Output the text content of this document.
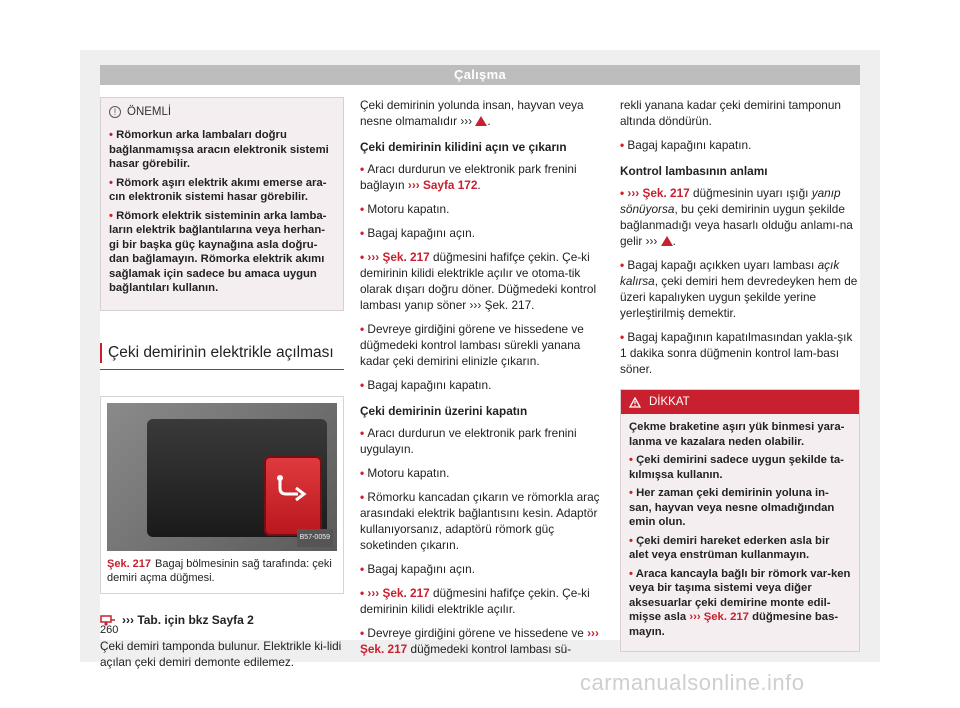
Çalışma
! ÖNEMLİ

• Römorkun arka lambaları doğru bağlanmamışsa aracın elektronik sistemi hasar görebilir.

• Römork aşırı elektrik akımı emerse ara-cın elektronik sistemi hasar görebilir.

• Römork elektrik sisteminin arka lamba-ların elektrik bağlantılarına veya herhan-gi bir başka güç kaynağına asla doğru-dan bağlamayın. Römorka elektrik akımı sağlamak için sadece bu amaca uygun bağlantıları kullanın.

Çeki demirinin elektrikle açılması
B57-0059
Şek. 217 Bagaj bölmesinin sağ tarafında: çeki demiri açma düğmesi.
››› Tab. için bkz Sayfa 2

Çeki demiri tamponda bulunur. Elektrikle ki-lidi açılan çeki demiri demonte edilemez.

Çeki demirinin yolunda insan, hayvan veya nesne olmamalıdır ››› .

Çeki demirinin kilidini açın ve çıkarın

• Aracı durdurun ve elektronik park frenini bağlayın ››› Sayfa 172.

• Motoru kapatın.

• Bagaj kapağını açın.

• ››› Şek. 217 düğmesini hafifçe çekin. Çe-ki demirinin kilidi elektrikle açılır ve otoma-tik olarak dışarı doğru döner. Düğmedeki kontrol lambası yanıp söner ››› Şek. 217.

• Devreye girdiğini görene ve hissedene ve düğmedeki kontrol lambası sürekli yanana kadar çeki demirini elinizle çıkarın.

• Bagaj kapağını kapatın.

Çeki demirinin üzerini kapatın

• Aracı durdurun ve elektronik park frenini uygulayın.

• Motoru kapatın.

• Römorku kancadan çıkarın ve römorkla araç arasındaki elektrik bağlantısını kesin. Adaptör kullanıyorsanız, adaptörü römork güç soketinden çıkarın.

• Bagaj kapağını açın.

• ››› Şek. 217 düğmesini hafifçe çekin. Çe-ki demirinin kilidi elektrikle açılır.

• Devreye girdiğini görene ve hissedene ve ››› Şek. 217 düğmedeki kontrol lambası sü-

rekli yanana kadar çeki demirini tamponun altında döndürün.

• Bagaj kapağını kapatın.

Kontrol lambasının anlamı

• ››› Şek. 217 düğmesinin uyarı ışığı yanıp sönüyorsa, bu çeki demirinin uygun şekilde bağlanmadığı veya hasarlı olduğu anlamı-na gelir ››› .

• Bagaj kapağı açıkken uyarı lambası açık kalırsa, çeki demiri hem devredeyken hem de üzeri kapalıyken uygun şekilde yerine yerleştirilmiş demektir.

• Bagaj kapağının kapatılmasından yakla-şık 1 dakika sonra düğmenin kontrol lam-bası söner.

DİKKAT

Çekme braketine aşırı yük binmesi yara-lanma ve kazalara neden olabilir.

• Çeki demirini sadece uygun şekilde ta-kılmışsa kullanın.

• Her zaman çeki demirinin yoluna in-san, hayvan veya nesne olmadığından emin olun.

• Çeki demiri hareket ederken asla bir alet veya enstrüman kullanmayın.

• Araca kancayla bağlı bir römork var-ken veya bir taşıma sistemi veya diğer aksesuarlar çeki demirine monte edil-mişse asla ››› Şek. 217 düğmesine bas-mayın.

260
carmanualsonline.info
